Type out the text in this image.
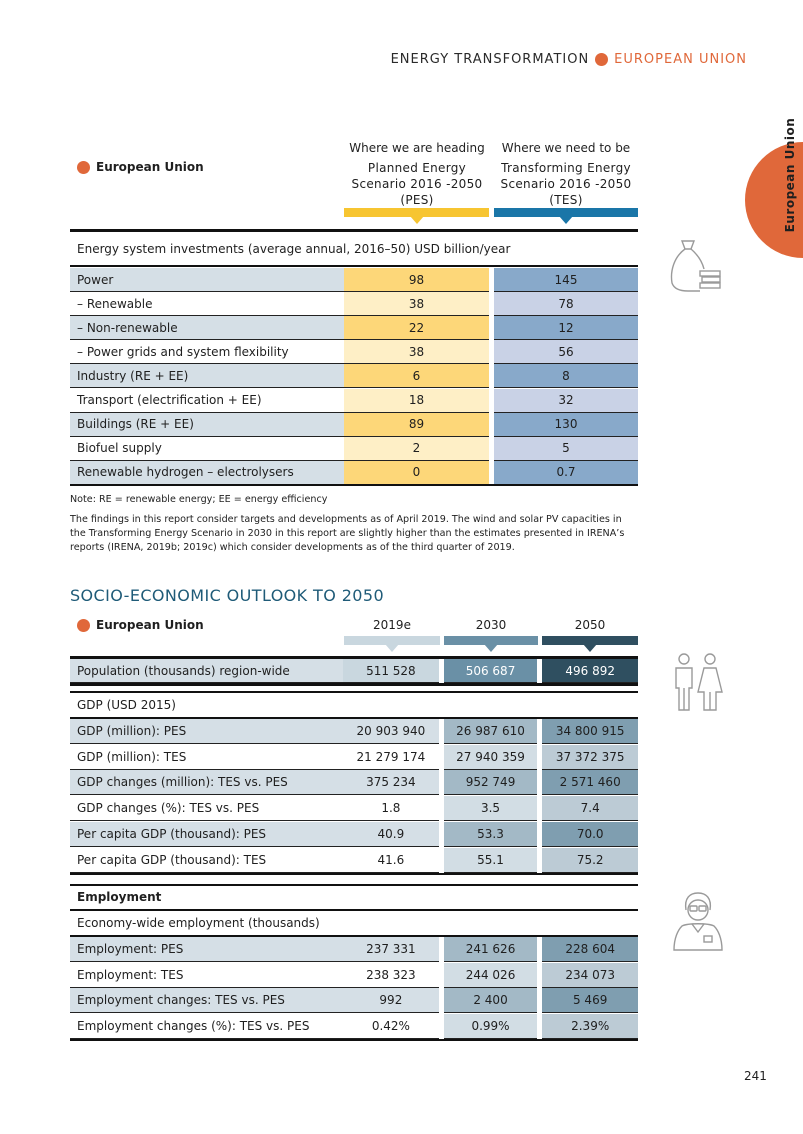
ENERGY TRANSFORMATION EUROPEAN UNION
European Union
European Union
Where we are heading
Planned Energy
Scenario 2016 -2050
(PES)
Where we need to be
Transforming Energy
Scenario 2016 -2050
(TES)
Energy system investments (average annual, 2016–50) USD billion/year
Power	98	145
– Renewable	38	78
– Non-renewable	22	12
– Power grids and system flexibility	38	56
Industry (RE + EE)	6	8
Transport (electrification + EE)	18	32
Buildings (RE + EE)	89	130
Biofuel supply	2	5
Renewable hydrogen – electrolysers	0	0.7
Note: RE = renewable energy; EE = energy efficiency
The findings in this report consider targets and developments as of April 2019. The wind and solar PV capacities in the Transforming Energy Scenario in 2030 in this report are slightly higher than the estimates presented in IRENA’s reports (IRENA, 2019b; 2019c) which consider developments as of the third quarter of 2019.
SOCIO-ECONOMIC OUTLOOK TO 2050
European Union	2019e	2030	2050
Population (thousands) region-wide	511 528	506 687	496 892
GDP (USD 2015)
GDP (million): PES	20 903 940	26 987 610	34 800 915
GDP (million): TES	21 279 174	27 940 359	37 372 375
GDP changes (million): TES vs. PES	375 234	952 749	2 571 460
GDP changes (%): TES vs. PES	1.8	3.5	7.4
Per capita GDP (thousand): PES	40.9	53.3	70.0
Per capita GDP (thousand): TES	41.6	55.1	75.2
Employment
Economy-wide employment (thousands)
Employment: PES	237 331	241 626	228 604
Employment: TES	238 323	244 026	234 073
Employment changes: TES vs. PES	992	2 400	5 469
Employment changes (%): TES vs. PES	0.42%	0.99%	2.39%
241
